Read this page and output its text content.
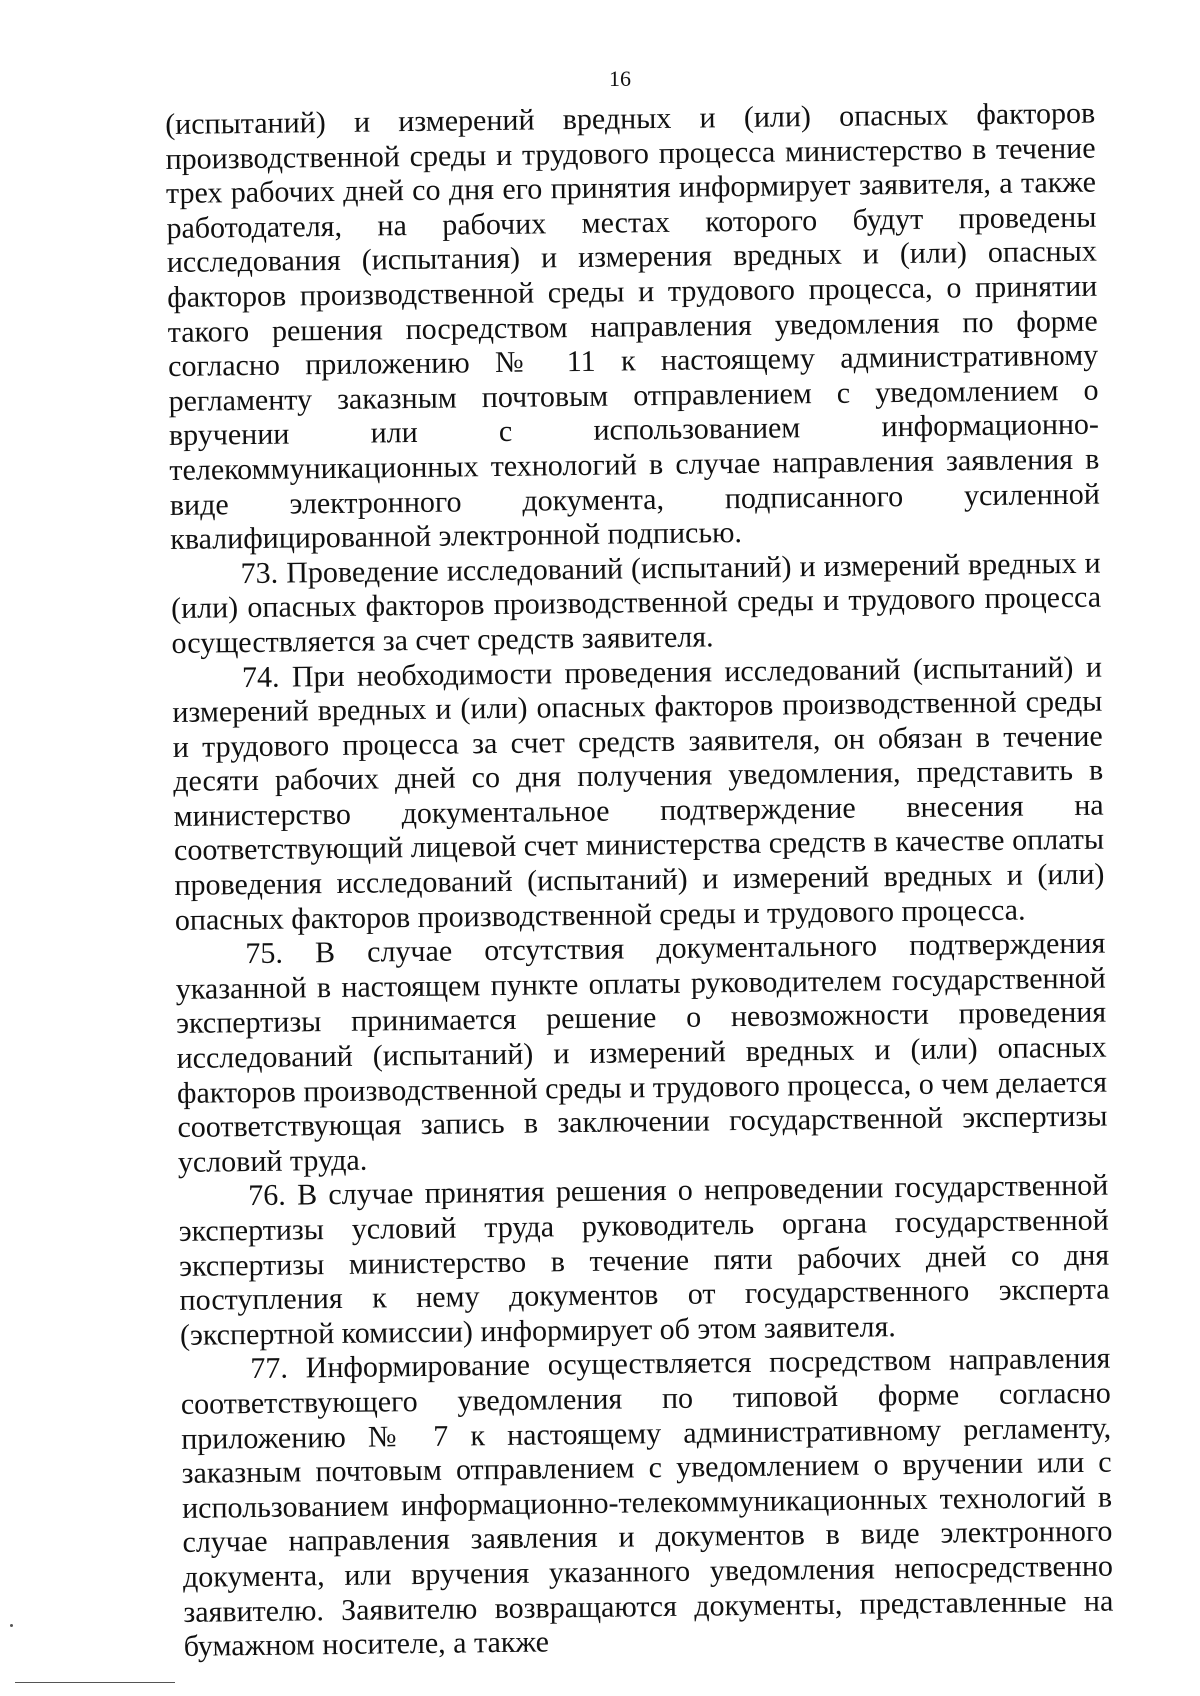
16

(испытаний) и измерений вредных и (или) опасных факторов производственной среды и трудового процесса министерство в течение трех рабочих дней со дня его принятия информирует заявителя, а также работодателя, на рабочих местах которого будут проведены исследования (испытания) и измерения вредных и (или) опасных факторов производственной среды и трудового процесса, о принятии такого решения посредством направления уведомления по форме согласно приложению № 11 к настоящему административному регламенту заказным почтовым отправлением с уведомлением о вручении или с использованием информационно-телекоммуникационных технологий в случае направления заявления в виде электронного документа, подписанного усиленной квалифицированной электронной подписью.

73. Проведение исследований (испытаний) и измерений вредных и (или) опасных факторов производственной среды и трудового процесса осуществляется за счет средств заявителя.

74. При необходимости проведения исследований (испытаний) и измерений вредных и (или) опасных факторов производственной среды и трудового процесса за счет средств заявителя, он обязан в течение десяти рабочих дней со дня получения уведомления, представить в министерство документальное подтверждение внесения на соответствующий лицевой счет министерства средств в качестве оплаты проведения исследований (испытаний) и измерений вредных и (или) опасных факторов производственной среды и трудового процесса.

75. В случае отсутствия документального подтверждения указанной в настоящем пункте оплаты руководителем государственной экспертизы принимается решение о невозможности проведения исследований (испытаний) и измерений вредных и (или) опасных факторов производственной среды и трудового процесса, о чем делается соответствующая запись в заключении государственной экспертизы условий труда.

76. В случае принятия решения о непроведении государственной экспертизы условий труда руководитель органа государственной экспертизы министерство в течение пяти рабочих дней со дня поступления к нему документов от государственного эксперта (экспертной комиссии) информирует об этом заявителя.

77. Информирование осуществляется посредством направления соответствующего уведомления по типовой форме согласно приложению № 7 к настоящему административному регламенту, заказным почтовым отправлением с уведомлением о вручении или с использованием информационно-телекоммуникационных технологий в случае направления заявления и документов в виде электронного документа, или вручения указанного уведомления непосредственно заявителю. Заявителю возвращаются документы, представленные на бумажном носителе, а также
